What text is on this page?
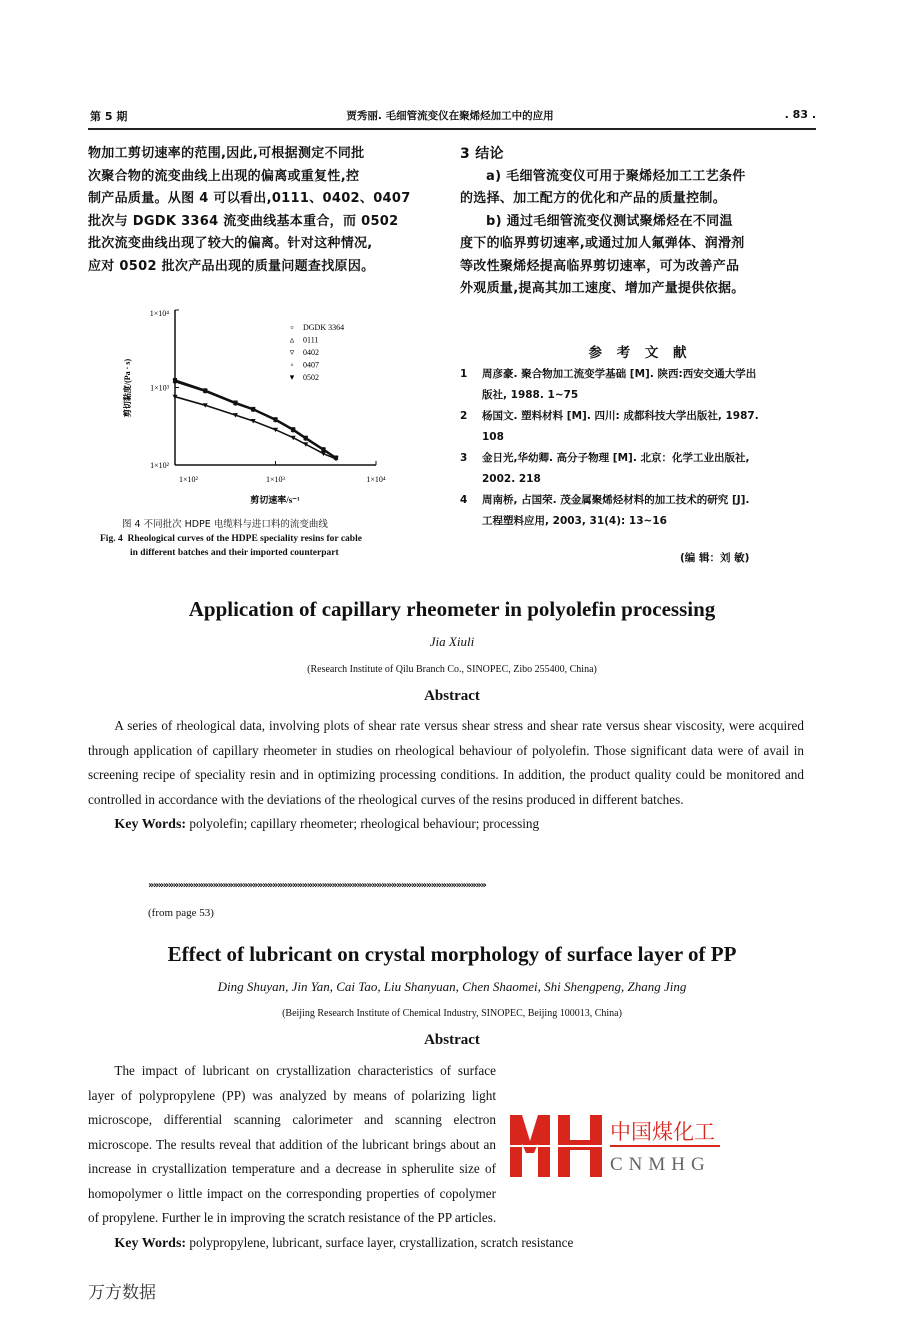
第 5 期	贾秀丽. 毛细管流变仪在聚烯烃加工中的应用	. 83 .

物加工剪切速率的范围,因此,可根据测定不同批

次聚合物的流变曲线上出现的偏离或重复性,控

制产品质量。从图 4 可以看出,0111、0402、0407

批次与 DGDK 3364 流变曲线基本重合，而 0502

批次流变曲线出现了较大的偏离。针对这种情况,

应对 0502 批次产品出现的质量问题查找原因。

3 结论

a) 毛细管流变仪可用于聚烯烃加工工艺条件

的选择、加工配方的优化和产品的质量控制。

b) 通过毛细管流变仪测试聚烯烃在不同温

度下的临界剪切速率,或通过加人氟弹体、润滑剂

等改性聚烯烃提高临界剪切速率，可为改善产品

外观质量,提高其加工速度、增加产量提供依据。

参 考 文 献
1 周彦豪. 聚合物加工流变学基础 [M]. 陕西:西安交通大学出
版社, 1988. 1~75
2 杨国文. 塑料材料 [M]. 四川: 成都科技大学出版社, 1987.
108
3 金日光,华幼卿. 高分子物理 [M]. 北京：化学工业出版社,
2002. 218
4 周南桥, 占国荣. 茂金属聚烯烃材料的加工技术的研究 [J].
工程塑料应用, 2003, 31(4): 13~16
(编 辑：刘 敏)
1×10²
1×10²
1×10³
1×10³
1×10⁴
1×10⁴
▫ DGDK 3364
▵ 0111
▿ 0402
◦ 0407
▾ 0502
剪切速率/s⁻¹
剪切黏度/(Pa · s)
图 4 不同批次 HDPE 电缆料与进口料的流变曲线
Fig. 4 Rheological curves of the HDPE speciality resins for cable
in different batches and their imported counterpart
Application of capillary rheometer in polyolefin processing
Jia Xiuli
(Research Institute of Qilu Branch Co., SINOPEC, Zibo 255400, China)
Abstract

A series of rheological data, involving plots of shear rate versus shear stress and shear rate versus shear viscosity, were acquired through application of capillary rheometer in studies on rheological behaviour of polyolefin. Those significant data were of avail in screening recipe of speciality resin and in optimizing processing conditions. In addition, the product quality could be monitored and controlled in accordance with the deviations of the rheological curves of the resins produced in different batches.

Key Words: polyolefin; capillary rheometer; rheological behaviour; processing

»»»»»»»»»»»»»»»»»»»»»»»»»»»»»»»»»»»»»»»»»»»»»»»»»»»»»»»»»»»»»»»»»»»»
(from page 53)
Effect of lubricant on crystal morphology of surface layer of PP
Ding Shuyan, Jin Yan, Cai Tao, Liu Shanyuan, Chen Shaomei, Shi Shengpeng, Zhang Jing
(Beijing Research Institute of Chemical Industry, SINOPEC, Beijing 100013, China)
Abstract
中国煤化工
CNMHG

The impact of lubricant on crystallization characteristics of surface layer of polypropylene (PP) was analyzed by means of polarizing light microscope, differential scanning calorimeter and scanning electron microscope. The results reveal that addition of the lubricant brings about an increase in crystallization temperature and a decrease in spherulite size of homopolymer o little impact on the corresponding properties of copolymer of propylene. Further le in improving the scratch resistance of the PP articles.

Key Words: polypropylene, lubricant, surface layer, crystallization, scratch resistance

万方数据
